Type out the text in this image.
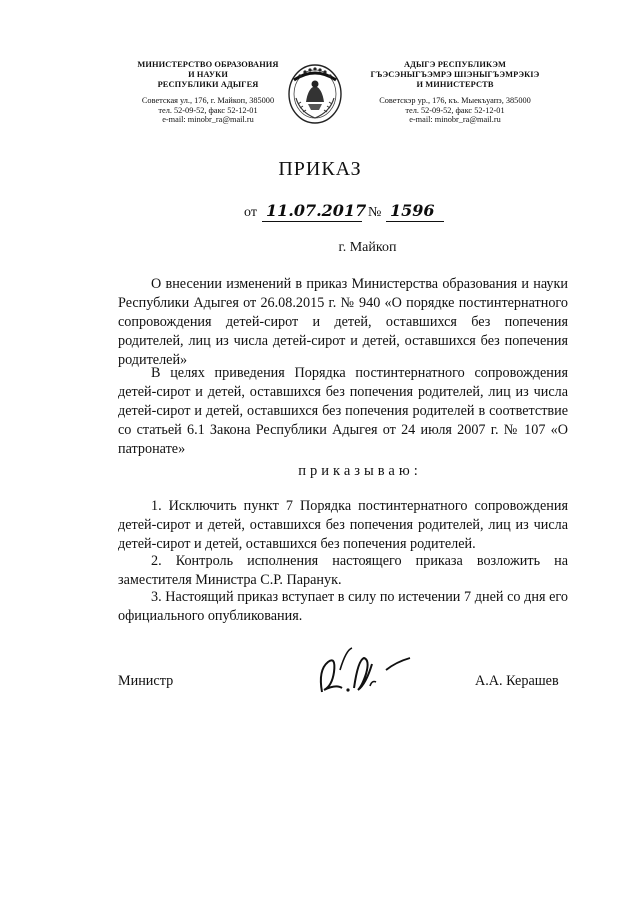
МИНИСТЕРСТВО ОБРАЗОВАНИЯ
И НАУКИ
РЕСПУБЛИКИ АДЫГЕЯ
Советская ул., 176, г. Майкоп, 385000
тел. 52-09-52, факс 52-12-01
e-mail: minobr_ra@mail.ru
АДЫГЭ РЕСПУБЛИКЭМ
ГЪЭСЭНЫГЪЭМРЭ ШIЭНЫГЪЭМРЭКIЭ
И МИНИСТЕРСТВ
Советскэр ур., 176, къ. Мыекъуапэ, 385000
тел. 52-09-52, факс 52-12-01
e-mail: minobr_ra@mail.ru
ПРИКАЗ
от 11.07.2017 № 1596
г. Майкоп
О внесении изменений в приказ Министерства образования и науки Республики Адыгея от 26.08.2015 г. № 940 «О порядке постинтернатного сопровождения детей-сирот и детей, оставшихся без попечения родителей, лиц из числа детей-сирот и детей, оставшихся без попечения родителей»
В целях приведения Порядка постинтернатного сопровождения детей-сирот и детей, оставшихся без попечения родителей, лиц из числа детей-сирот и детей, оставшихся без попечения родителей в соответствие со статьей 6.1 Закона Республики Адыгея от 24 июля 2007 г. № 107 «О патронате»
приказываю:
1. Исключить пункт 7 Порядка постинтернатного сопровождения детей-сирот и детей, оставшихся без попечения родителей, лиц из числа детей-сирот и детей, оставшихся без попечения родителей.
2. Контроль исполнения настоящего приказа возложить на заместителя Министра С.Р. Паранук.
3. Настоящий приказ вступает в силу по истечении 7 дней со дня его официального опубликования.
Министр	А.А. Керашев
